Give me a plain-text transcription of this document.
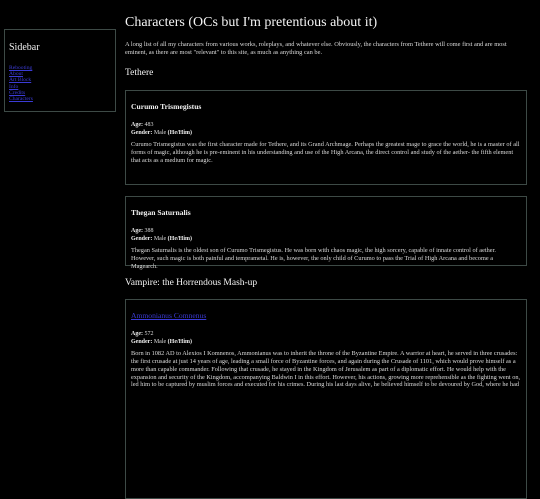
Sidebar
Rebooting
About
Art Block
Info
Credits
Characters
Characters (OCs but I'm pretentious about it)

A long list of all my characters from various works, roleplays, and whatever else. Obviously, the characters from Tethere will come first and are most eminent, as there are most "relevant" to this site, as much as anything can be.

Tethere
Curumo Trismegistus
Age: 483
Gender: Male (He/Him)

Curumo Trismegistus was the first character made for Tethere, and its Grand Archmage. Perhaps the greatest mage to grace the world, he is a master of all forms of magic, although he is pre-eminent in his understanding and use of the High Arcana, the direct control and study of the aether- the fifth element that acts as a medium for magic.

Thegan Saturnalis
Age: 388
Gender: Male (He/Him)

Thegan Saturnalis is the oldest son of Curumo Trismegistus. He was born with chaos magic, the high sorcery, capable of innate control of aether. However, such magic is both painful and temprametal. He is, however, the only child of Curumo to pass the Trial of High Arcana and become a Magearch.

Vampire: the Horrendous Mash-up
Ammonianus Comnenus
Age: 572
Gender: Male (He/Him)

Born in 1082 AD to Alexios I Komnenos, Ammonianus was to inherit the throne of the Byzantine Empire. A warrior at heart, he served in three crusades: the first crusade at just 14 years of age, leading a small force of Byzantine forces, and again during the Crusade of 1101, which would prove himself as a more than capable commander. Following that crusade, he stayed in the Kingdom of Jerusalem as part of a diplomatic effort. He would help with the expansion and security of the Kingdom, accompanying Baldwin I in this effort. However, his actions, growing more reprehensible as the fighting went on, led him to be captured by muslim forces and executed for his crimes. During his last days alive, he believed himself to be devoured by God, where he had
